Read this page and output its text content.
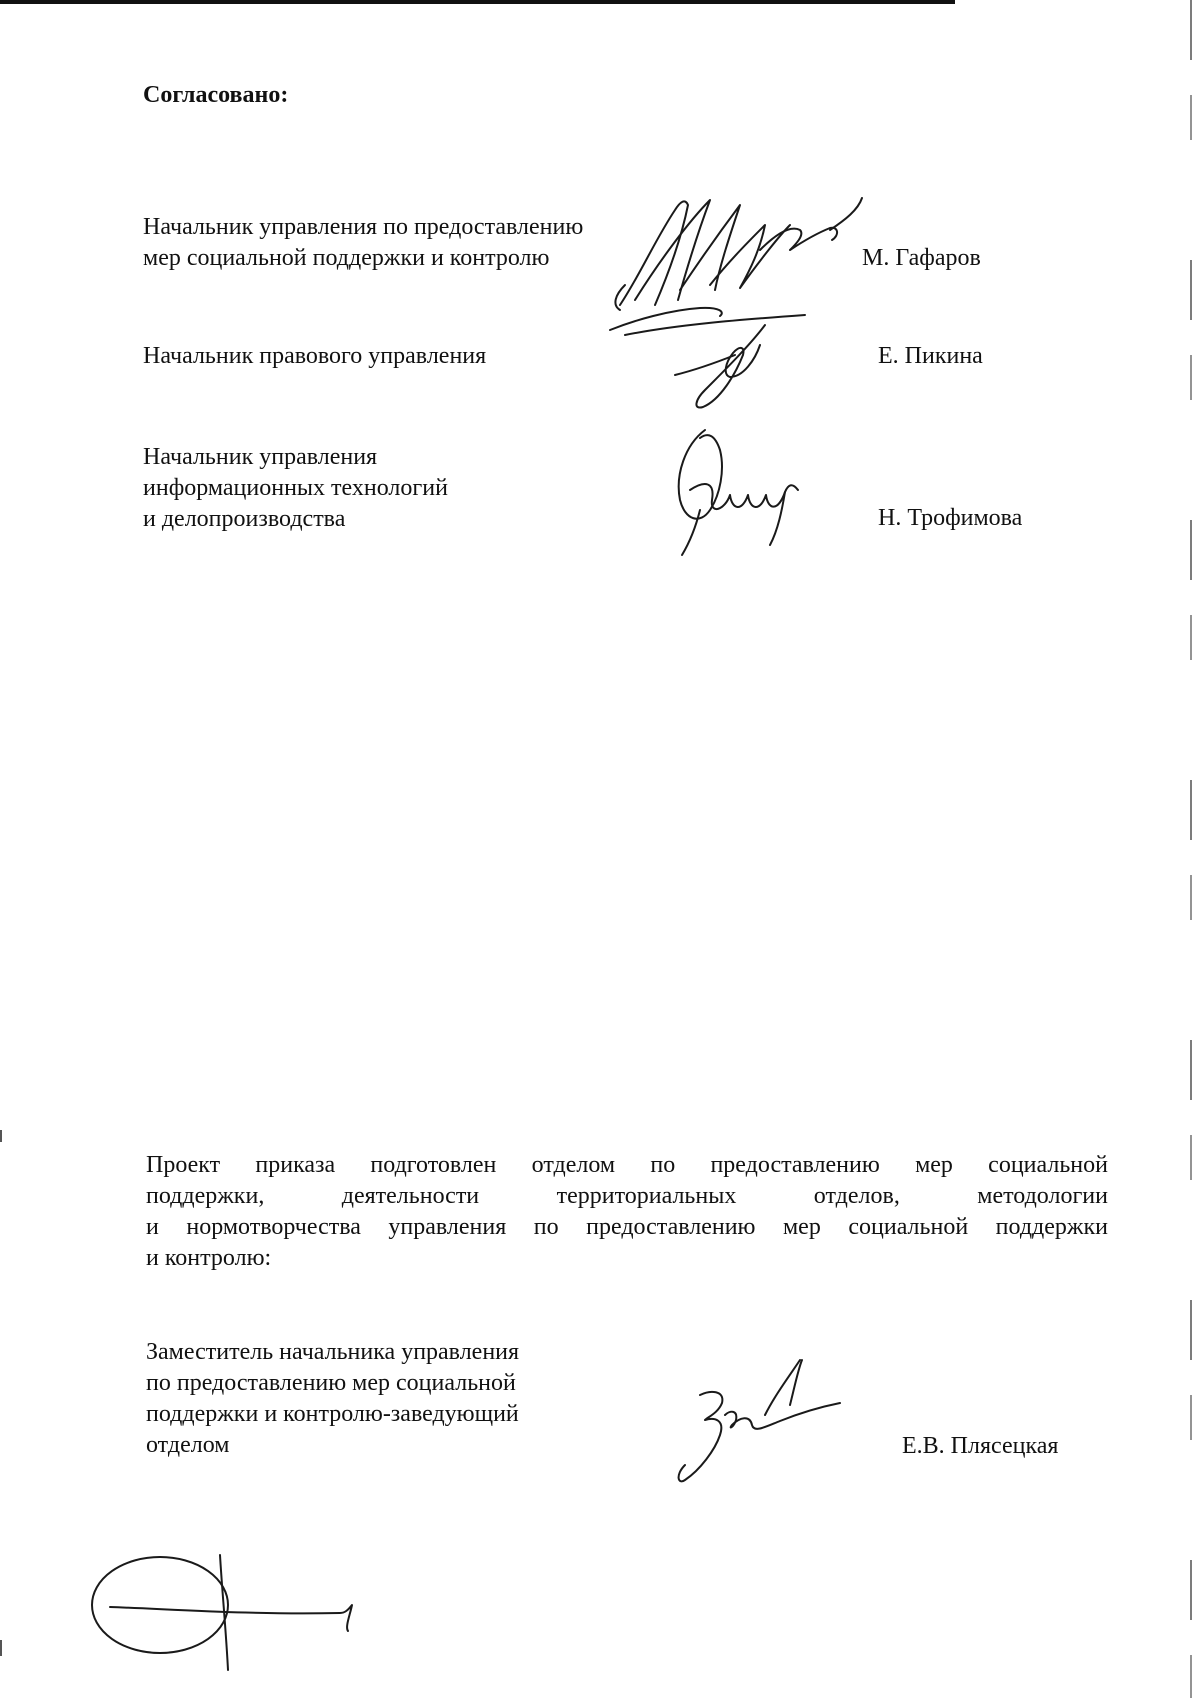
Согласовано:

Начальник управления по предоставлению
мер социальной поддержки и контролю	М. Гафаров
Начальник правового управления	Е. Пикина
Начальник управления
информационных технологий
и делопроизводства	Н. Трофимова
Проект приказа подготовлен отделом по предоставлению мер социальной
поддержки, деятельности территориальных отделов, методологии
и нормотворчества управления по предоставлению мер социальной поддержки
и контролю:
Заместитель начальника управления
по предоставлению мер социальной
поддержки и контролю-заведующий
отделом	Е.В. Плясецкая
